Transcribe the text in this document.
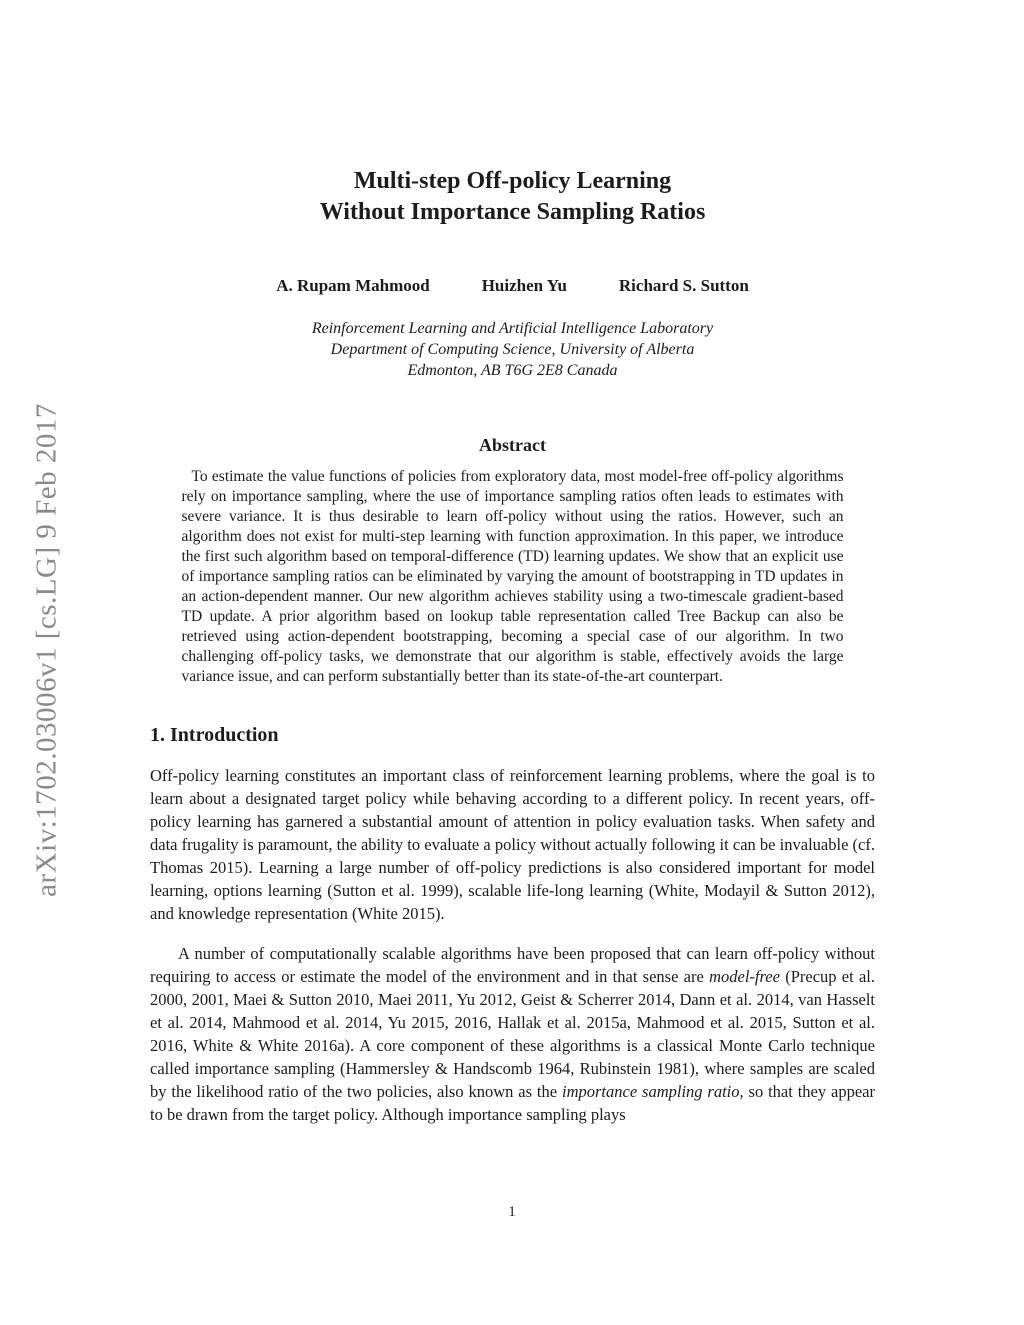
arXiv:1702.03006v1 [cs.LG] 9 Feb 2017
Multi-step Off-policy Learning
Without Importance Sampling Ratios
A. Rupam Mahmood	Huizhen Yu	Richard S. Sutton
Reinforcement Learning and Artificial Intelligence Laboratory
Department of Computing Science, University of Alberta
Edmonton, AB T6G 2E8 Canada
Abstract

To estimate the value functions of policies from exploratory data, most model-free off-policy algorithms rely on importance sampling, where the use of importance sampling ratios often leads to estimates with severe variance. It is thus desirable to learn off-policy without using the ratios. However, such an algorithm does not exist for multi-step learning with function approximation. In this paper, we introduce the first such algorithm based on temporal-difference (TD) learning updates. We show that an explicit use of importance sampling ratios can be eliminated by varying the amount of bootstrapping in TD updates in an action-dependent manner. Our new algorithm achieves stability using a two-timescale gradient-based TD update. A prior algorithm based on lookup table representation called Tree Backup can also be retrieved using action-dependent bootstrapping, becoming a special case of our algorithm. In two challenging off-policy tasks, we demonstrate that our algorithm is stable, effectively avoids the large variance issue, and can perform substantially better than its state-of-the-art counterpart.

1. Introduction

Off-policy learning constitutes an important class of reinforcement learning problems, where the goal is to learn about a designated target policy while behaving according to a different policy. In recent years, off-policy learning has garnered a substantial amount of attention in policy evaluation tasks. When safety and data frugality is paramount, the ability to evaluate a policy without actually following it can be invaluable (cf. Thomas 2015). Learning a large number of off-policy predictions is also considered important for model learning, options learning (Sutton et al. 1999), scalable life-long learning (White, Modayil & Sutton 2012), and knowledge representation (White 2015).

A number of computationally scalable algorithms have been proposed that can learn off-policy without requiring to access or estimate the model of the environment and in that sense are model-free (Precup et al. 2000, 2001, Maei & Sutton 2010, Maei 2011, Yu 2012, Geist & Scherrer 2014, Dann et al. 2014, van Hasselt et al. 2014, Mahmood et al. 2014, Yu 2015, 2016, Hallak et al. 2015a, Mahmood et al. 2015, Sutton et al. 2016, White & White 2016a). A core component of these algorithms is a classical Monte Carlo technique called importance sampling (Hammersley & Handscomb 1964, Rubinstein 1981), where samples are scaled by the likelihood ratio of the two policies, also known as the importance sampling ratio, so that they appear to be drawn from the target policy. Although importance sampling plays

1
